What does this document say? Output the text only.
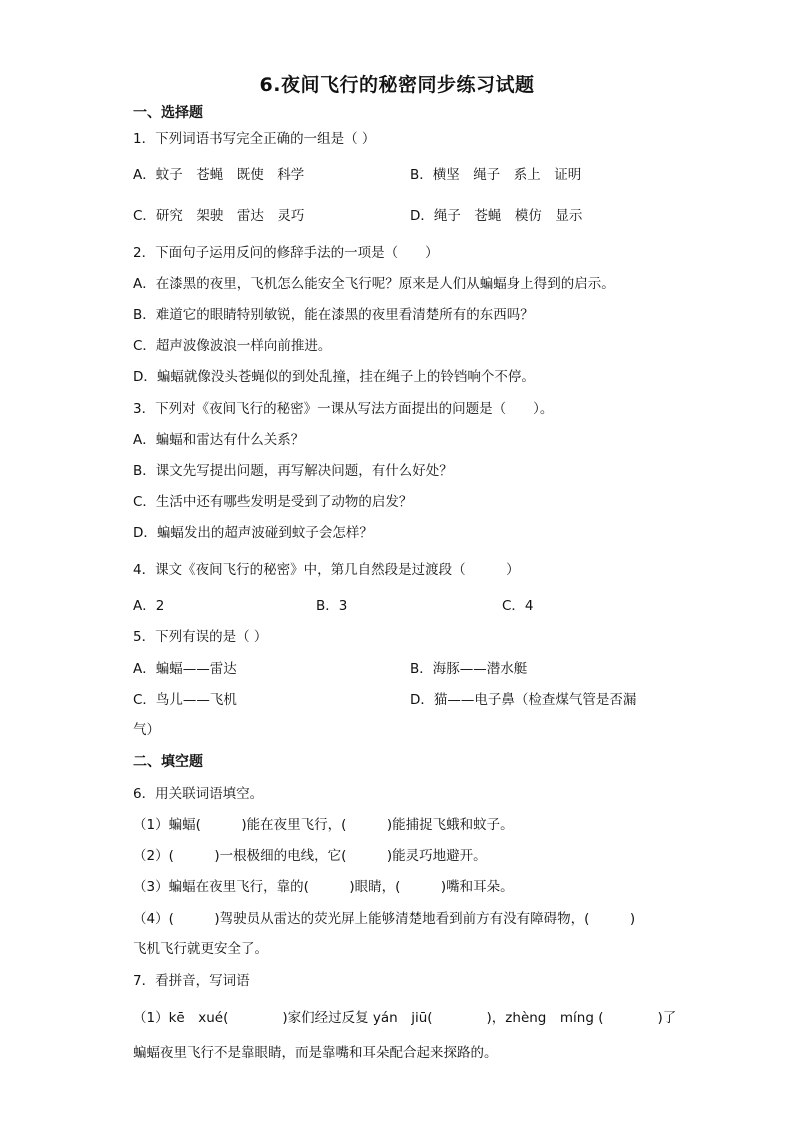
6.夜间飞行的秘密同步练习试题
一、选择题
1．下列词语书写完全正确的一组是（ ）
A．蚊子　苍蝇　既使　科学	B．横坚　绳子　系上　证明
C．研究　架驶　雷达　灵巧	D．绳子　苍蝇　模仿　显示
2．下面句子运用反问的修辞手法的一项是（　　）
A．在漆黑的夜里，飞机怎么能安全飞行呢？原来是人们从蝙蝠身上得到的启示。
B．难道它的眼睛特别敏锐，能在漆黑的夜里看清楚所有的东西吗？
C．超声波像波浪一样向前推进。
D．蝙蝠就像没头苍蝇似的到处乱撞，挂在绳子上的铃铛响个不停。
3．下列对《夜间飞行的秘密》一课从写法方面提出的问题是（　　）。
A．蝙蝠和雷达有什么关系？
B．课文先写提出问题，再写解决问题，有什么好处？
C．生活中还有哪些发明是受到了动物的启发？
D．蝙蝠发出的超声波碰到蚊子会怎样？
4．课文《夜间飞行的秘密》中，第几自然段是过渡段（　　　）
A．2	B．3	C．4
5．下列有误的是（ ）
A．蝙蝠——雷达	B．海豚——潜水艇
C．鸟儿——飞机	D．猫——电子鼻（检查煤气管是否漏
气）
二、填空题
6．用关联词语填空。
（1）蝙蝠(　　　)能在夜里飞行，(　　　)能捕捉飞蛾和蚊子。
（2）(　　　)一根极细的电线，它(　　　)能灵巧地避开。
（3）蝙蝠在夜里飞行，靠的(　　　)眼睛，(　　　)嘴和耳朵。
（4）(　　　)驾驶员从雷达的荧光屏上能够清楚地看到前方有没有障碍物，(　　　)
飞机飞行就更安全了。
7．看拼音，写词语
（1）kē　xué(　　　　)家们经过反复 yán　jiū(　　　　)，zhèng　míng (　　　　)了
蝙蝠夜里飞行不是靠眼睛，而是靠嘴和耳朵配合起来探路的。
